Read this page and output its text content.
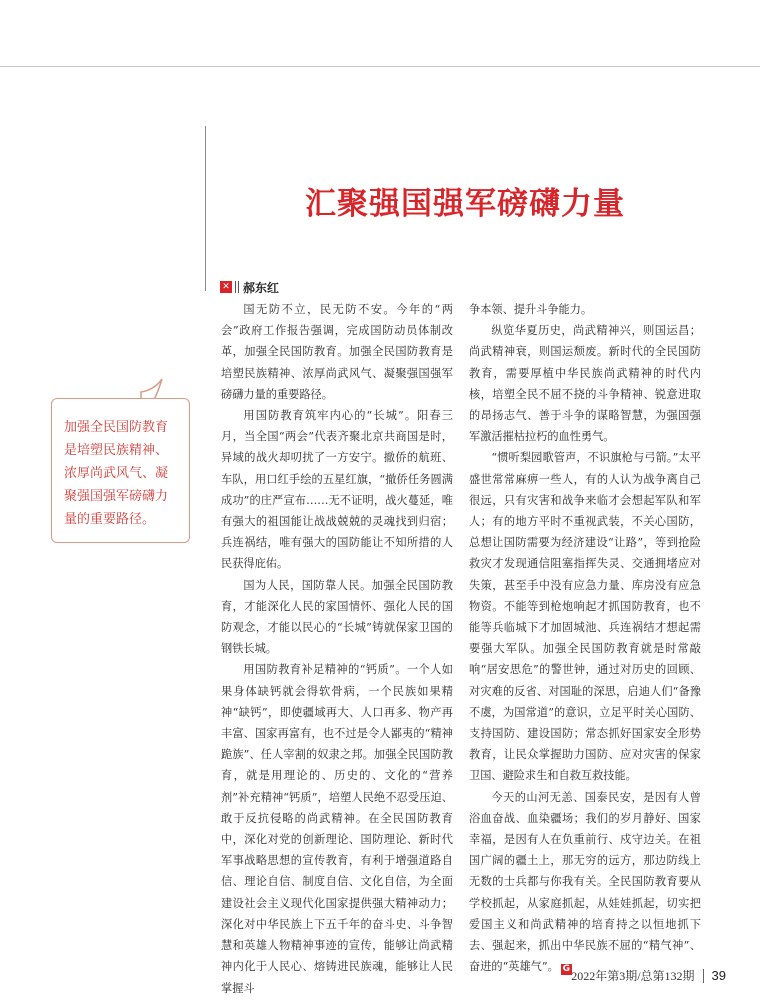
汇聚强国强军磅礴力量
✕ 郝东红
加强全民国防教育是培塑民族精神、浓厚尚武风气、凝聚强国强军磅礴力量的重要路径。

国无防不立，民无防不安。今年的“两会”政府工作报告强调，完成国防动员体制改革，加强全民国防教育。加强全民国防教育是培塑民族精神、浓厚尚武风气、凝聚强国强军磅礴力量的重要路径。

用国防教育筑牢内心的“长城”。阳春三月，当全国“两会”代表齐聚北京共商国是时，异域的战火却叨扰了一方安宁。撤侨的航班、车队，用口红手绘的五星红旗，“撤侨任务圆满成功”的庄严宣布……无不证明，战火蔓延，唯有强大的祖国能让战战兢兢的灵魂找到归宿；兵连祸结，唯有强大的国防能让不知所措的人民获得庇佑。

国为人民，国防靠人民。加强全民国防教育，才能深化人民的家国情怀、强化人民的国防观念，才能以民心的“长城”铸就保家卫国的钢铁长城。

用国防教育补足精神的“钙质”。一个人如果身体缺钙就会得软骨病，一个民族如果精神“缺钙”，即使疆域再大、人口再多、物产再丰富、国家再富有，也不过是令人鄙夷的“精神跪族”、任人宰割的奴隶之邦。加强全民国防教育，就是用理论的、历史的、文化的“营养剂”补充精神“钙质”，培塑人民绝不忍受压迫、敢于反抗侵略的尚武精神。在全民国防教育中，深化对党的创新理论、国防理论、新时代军事战略思想的宣传教育，有利于增强道路自信、理论自信、制度自信、文化自信，为全面建设社会主义现代化国家提供强大精神动力；深化对中华民族上下五千年的奋斗史、斗争智慧和英雄人物精神事迹的宣传，能够让尚武精神内化于人民心、熔铸进民族魂，能够让人民掌握斗

争本领、提升斗争能力。

纵览华夏历史，尚武精神兴，则国运昌；尚武精神衰，则国运颓废。新时代的全民国防教育，需要厚植中华民族尚武精神的时代内核，培塑全民不屈不挠的斗争精神、锐意进取的昂扬志气、善于斗争的谋略智慧，为强国强军激活摧枯拉朽的血性勇气。

“惯听梨园歌管声，不识旗枪与弓箭。”太平盛世常常麻痹一些人，有的人认为战争离自己很远，只有灾害和战争来临才会想起军队和军人；有的地方平时不重视武装，不关心国防，总想让国防需要为经济建设“让路”，等到抢险救灾才发现通信阻塞指挥失灵、交通拥堵应对失策，甚至手中没有应急力量、库房没有应急物资。不能等到枪炮响起才抓国防教育，也不能等兵临城下才加固城池、兵连祸结才想起需要强大军队。加强全民国防教育就是时常敲响“居安思危”的警世钟，通过对历史的回顾、对灾难的反省、对国耻的深思，启迪人们“备豫不虞，为国常道”的意识，立足平时关心国防、支持国防、建设国防；常态抓好国家安全形势教育，让民众掌握助力国防、应对灾害的保家卫国、避险求生和自救互救技能。

今天的山河无恙、国泰民安，是因有人曾浴血奋战、血染疆场；我们的岁月静好、国家幸福，是因有人在负重前行、戍守边关。在祖国广阔的疆土上，那无穷的远方，那边防线上无数的士兵都与你我有关。全民国防教育要从学校抓起，从家庭抓起，从娃娃抓起，切实把爱国主义和尚武精神的培育持之以恒地抓下去、强起来，抓出中华民族不屈的“精气神”、奋进的“英雄气”。 G 2022年第3期/总第132期 39
